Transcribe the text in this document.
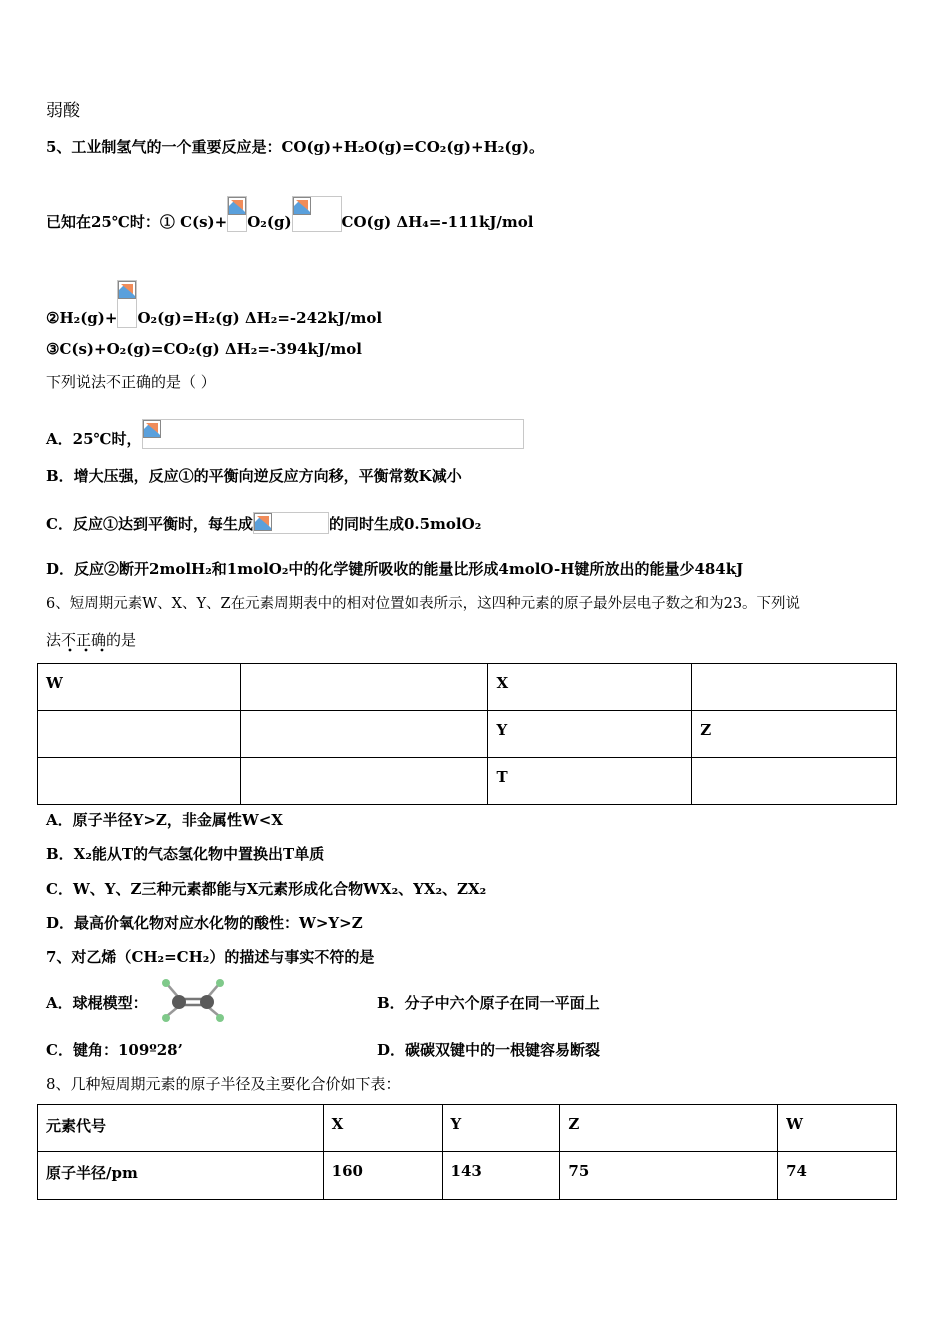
弱酸
5、工业制氢气的一个重要反应是：CO(g)+H₂O(g)=CO₂(g)+H₂(g)。
已知在25℃时：① C(s)+ O₂(g)	CO(g) ΔH₄=-111kJ/mol
②H₂(g)+ O₂(g)=H₂(g) ΔH₂=-242kJ/mol
③C(s)+O₂(g)=CO₂(g) ΔH₂=-394kJ/mol
下列说法不正确的是（ ）
A．25℃时，
B．增大压强，反应①的平衡向逆反应方向移，平衡常数K减小
C．反应①达到平衡时，每生成	的同时生成0.5molO₂
D．反应②断开2molH₂和1molO₂中的化学键所吸收的能量比形成4molO-H键所放出的能量少484kJ
6、短周期元素W、X、Y、Z在元素周期表中的相对位置如表所示，这四种元素的原子最外层电子数之和为23。下列说
法不正确的是
W		X	
		Y	Z
		T	
A．原子半径Y>Z，非金属性W<X
B．X₂能从T的气态氢化物中置换出T单质
C．W、Y、Z三种元素都能与X元素形成化合物WX₂、YX₂、ZX₂
D．最高价氧化物对应水化物的酸性：W>Y>Z
7、对乙烯（CH₂=CH₂）的描述与事实不符的是
A．球棍模型：	B．分子中六个原子在同一平面上
C．键角：109º28’	D．碳碳双键中的一根键容易断裂
8、几种短周期元素的原子半径及主要化合价如下表：
元素代号	X	Y	Z	W
原子半径/pm	160	143	75	74
